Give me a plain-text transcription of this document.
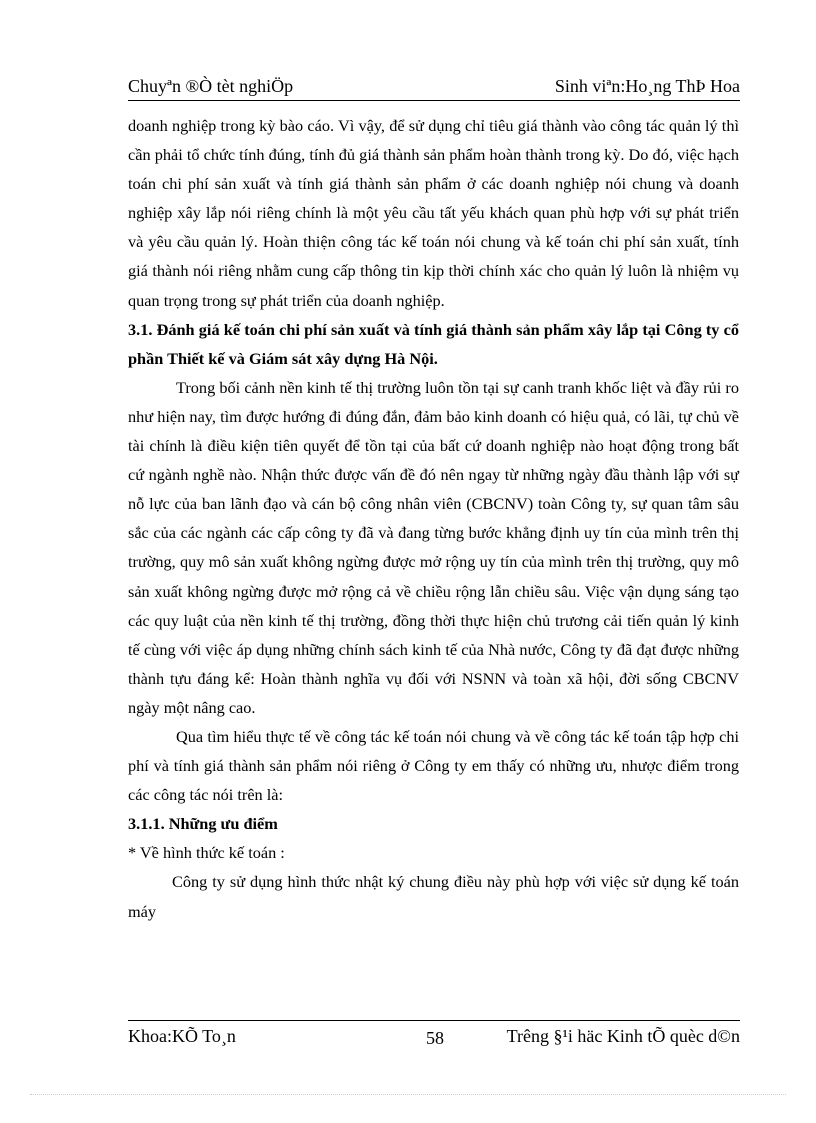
Chuyªn ®Ò tèt nghiÖp	Sinh viªn:Ho¸ng ThÞ Hoa

doanh nghiệp trong kỳ bào cáo. Vì vậy, để sử dụng chỉ tiêu giá thành vào công tác quản lý thì cần phải tổ chức tính đúng, tính đủ giá thành sản phẩm hoàn thành trong kỳ. Do đó, việc hạch toán chi phí sản xuất và tính giá thành sản phẩm ở các doanh nghiệp nói chung và doanh nghiệp xây lắp nói riêng chính là một yêu cầu tất yếu khách quan phù hợp với sự phát triển và yêu cầu quản lý. Hoàn thiện công tác kế toán nói chung và kế toán chi phí sản xuất, tính giá thành nói riêng nhằm cung cấp thông tin kịp thời chính xác cho quản lý luôn là nhiệm vụ quan trọng trong sự phát triển của doanh nghiệp.

3.1. Đánh giá kế toán chi phí sản xuất và tính giá thành sản phẩm xây lắp tại Công ty cổ phần Thiết kế và Giám sát xây dựng Hà Nội.

Trong bối cảnh nền kinh tế thị trường luôn tồn tại sự canh tranh khốc liệt và đầy rủi ro như hiện nay, tìm được hướng đi đúng đắn, đảm bảo kinh doanh có hiệu quả, có lãi, tự chủ về tài chính là điều kiện tiên quyết để tồn tại của bất cứ doanh nghiệp nào hoạt động trong bất cứ ngành nghề nào. Nhận thức được vấn đề đó nên ngay từ những ngày đầu thành lập với sự nỗ lực của ban lãnh đạo và cán bộ công nhân viên (CBCNV) toàn Công ty, sự quan tâm sâu sắc của các ngành các cấp công ty đã và đang từng bước khẳng định uy tín của mình trên thị trường, quy mô sản xuất không ngừng được mở rộng uy tín của mình trên thị trường, quy mô sản xuất không ngừng được mở rộng cả về chiều rộng lẫn chiều sâu. Việc vận dụng sáng tạo các quy luật của nền kinh tế thị trường, đồng thời thực hiện chủ trương cải tiến quản lý kinh tế cùng với việc áp dụng những chính sách kinh tế của Nhà nước, Công ty đã đạt được những thành tựu đáng kể: Hoàn thành nghĩa vụ đối với NSNN và toàn xã hội, đời sống CBCNV ngày một nâng cao.

Qua tìm hiểu thực tế về công tác kế toán nói chung và về công tác kế toán tập hợp chi phí và tính giá thành sản phẩm nói riêng ở Công ty em thấy có những ưu, nhược điểm trong các công tác nói trên là:

3.1.1. Những ưu điểm

* Về hình thức kế toán :

Công ty sử dụng hình thức nhật ký chung điều này phù hợp với việc sử dụng kế toán máy

Khoa:KÕ To¸n	58	Trêng §¹i häc Kinh tÕ quèc d©n
